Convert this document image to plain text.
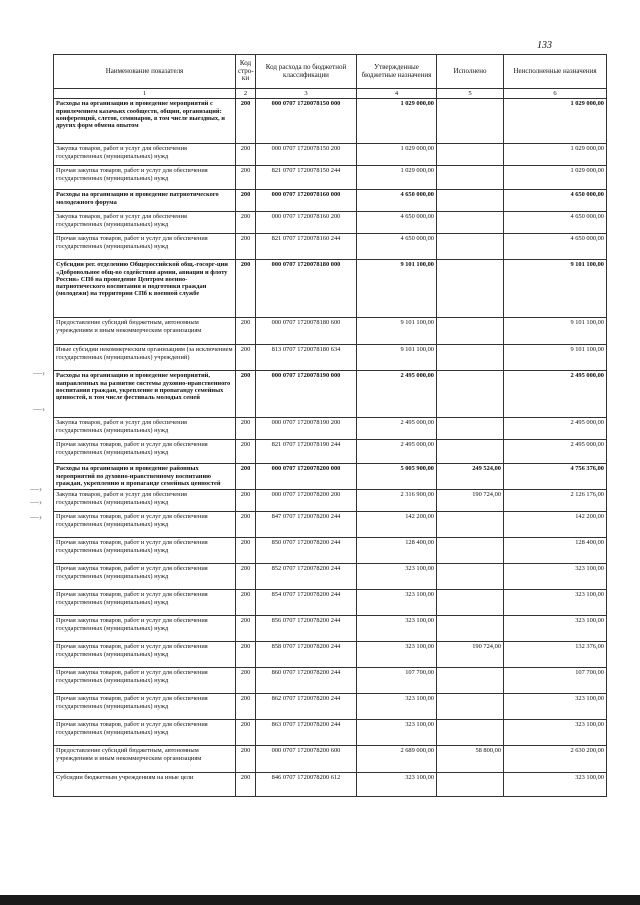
133
Наименование показателя	Код стро-ки	Код расхода по бюджетной классификации	Утвержденные бюджетные назначения	Исполнено	Неисполненные назначения
1	2	3	4	5	6
Расходы на организацию и проведение мероприятий с привлечением казачьих сообществ, общин, организаций: конференций, слетов, семинаров, в том числе выездных, и других форм обмена опытом	200	000 0707 1720078150 000	1 029 000,00		1 029 000,00
Закупка товаров, работ и услуг для обеспечения государственных (муниципальных) нужд	200	000 0707 1720078150 200	1 029 000,00		1 029 000,00
Прочая закупка товаров, работ и услуг для обеспечения государственных (муниципальных) нужд	200	821 0707 1720078150 244	1 029 000,00		1 029 000,00
Расходы на организацию и проведение патриотического молодежного форума	200	000 0707 1720078160 000	4 650 000,00		4 650 000,00
Закупка товаров, работ и услуг для обеспечения государственных (муниципальных) нужд	200	000 0707 1720078160 200	4 650 000,00		4 650 000,00
Прочая закупка товаров, работ и услуг для обеспечения государственных (муниципальных) нужд	200	821 0707 1720078160 244	4 650 000,00		4 650 000,00
Субсидии рег. отделению Общероссийской общ.-госорг-ции «Добровольное общ-во содействия армии, авиации и флоту России» СПб на проведение Центром военно-патриотического воспитания и подготовки граждан (молодежи) на территории СПб к военной службе	200	000 0707 1720078180 000	9 101 100,00		9 101 100,00
Предоставление субсидий бюджетным, автономным учреждениям и иным некоммерческим организациям	200	000 0707 1720078180 600	9 101 100,00		9 101 100,00
Иные субсидии некоммерческим организациям (за исключением государственных (муниципальных) учреждений)	200	813 0707 1720078180 634	9 101 100,00		9 101 100,00
Расходы на организацию и проведение мероприятий, направленных на развитие системы духовно-нравственного воспитания граждан, укрепление и пропаганду семейных ценностей, в том числе фестиваль молодых семей	200	000 0707 1720078190 000	2 495 000,00		2 495 000,00
Закупка товаров, работ и услуг для обеспечения государственных (муниципальных) нужд	200	000 0707 1720078190 200	2 495 000,00		2 495 000,00
Прочая закупка товаров, работ и услуг для обеспечения государственных (муниципальных) нужд	200	821 0707 1720078190 244	2 495 000,00		2 495 000,00
Расходы на организацию и проведение районных мероприятий по духовно-нравственному воспитанию граждан, укреплению и пропаганде семейных ценностей	200	000 0707 1720078200 000	5 005 900,00	249 524,00	4 756 376,00
Закупка товаров, работ и услуг для обеспечения государственных (муниципальных) нужд	200	000 0707 1720078200 200	2 316 900,00	190 724,00	2 126 176,00
Прочая закупка товаров, работ и услуг для обеспечения государственных (муниципальных) нужд	200	847 0707 1720078200 244	142 200,00		142 200,00
Прочая закупка товаров, работ и услуг для обеспечения государственных (муниципальных) нужд	200	850 0707 1720078200 244	128 400,00		128 400,00
Прочая закупка товаров, работ и услуг для обеспечения государственных (муниципальных) нужд	200	852 0707 1720078200 244	323 100,00		323 100,00
Прочая закупка товаров, работ и услуг для обеспечения государственных (муниципальных) нужд	200	854 0707 1720078200 244	323 100,00		323 100,00
Прочая закупка товаров, работ и услуг для обеспечения государственных (муниципальных) нужд	200	856 0707 1720078200 244	323 100,00		323 100,00
Прочая закупка товаров, работ и услуг для обеспечения государственных (муниципальных) нужд	200	858 0707 1720078200 244	323 100,00	190 724,00	132 376,00
Прочая закупка товаров, работ и услуг для обеспечения государственных (муниципальных) нужд	200	860 0707 1720078200 244	107 700,00		107 700,00
Прочая закупка товаров, работ и услуг для обеспечения государственных (муниципальных) нужд	200	862 0707 1720078200 244	323 100,00		323 100,00
Прочая закупка товаров, работ и услуг для обеспечения государственных (муниципальных) нужд	200	863 0707 1720078200 244	323 100,00		323 100,00
Предоставление субсидий бюджетным, автономным учреждениям и иным некоммерческим организациям	200	000 0707 1720078200 600	2 689 000,00	58 800,00	2 630 200,00
Субсидии бюджетным учреждениям на иные цели	200	846 0707 1720078200 612	323 100,00		323 100,00
—›
—›
—›
—›
—›
